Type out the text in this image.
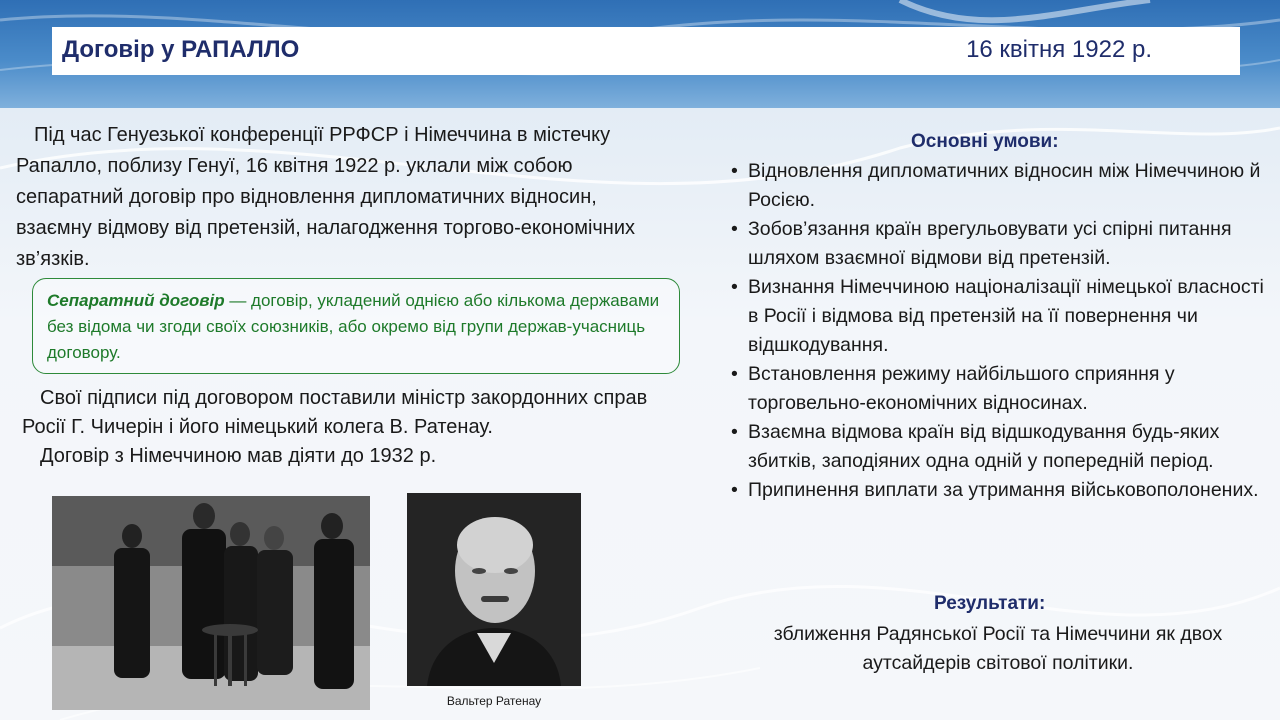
Договір у РАПАЛЛО	16 квітня 1922 р.
Під час Генуезької конференції РРФСР і Німеччина в містечку Рапалло, поблизу Генуї, 16 квітня 1922 р. уклали між собою сепаратний договір про відновлення дипломатичних відносин, взаємну відмову від претензій, налагодження торгово-економічних зв’язків.
Сепаратний договір — договір, укладений однією або кількома державами без відома чи згоди своїх союзників, або окремо від групи держав-учасниць договору.

Свої підписи під договором поставили міністр закордонних справ Росії Г. Чичерін і його німецький колега В. Ратенау.

Договір з Німеччиною мав діяти до 1932 р.

Вальтер Ратенау
Основні умови:
• Відновлення дипломатичних відносин між Німеччиною й Росією.
• Зобов’язання країн врегульовувати усі спірні питання шляхом взаємної відмови від претензій.
• Визнання Німеччиною націоналізації німецької власності в Росії і відмова від претензій на її повернення чи відшкодування.
• Встановлення режиму найбільшого сприяння у торговельно-економічних відносинах.
• Взаємна відмова країн від відшкодування будь-яких збитків, заподіяних одна одній у попередній період.
• Припинення виплати за утримання військовополонених.
Результати:
зближення Радянської Росії та Німеччини як двох аутсайдерів світової політики.
